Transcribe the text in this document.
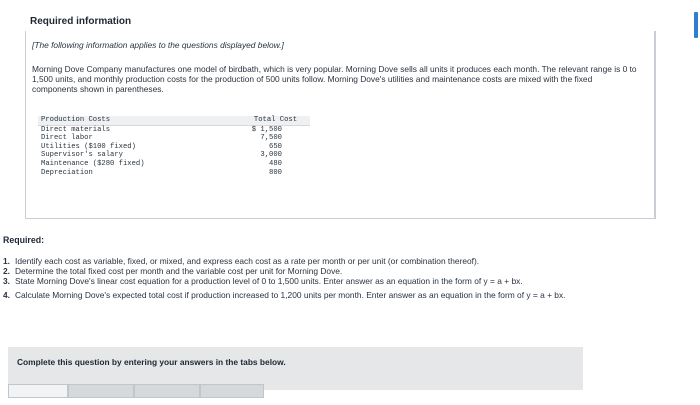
Required information
[The following information applies to the questions displayed below.]
Morning Dove Company manufactures one model of birdbath, which is very popular. Morning Dove sells all units it produces each month. The relevant range is 0 to 1,500 units, and monthly production costs for the production of 500 units follow. Morning Dove's utilities and maintenance costs are mixed with the fixed components shown in parentheses.
Production Costs	Total Cost
Direct materials	$ 1,500
Direct labor	7,500
Utilities ($100 fixed)	650
Supervisor's salary	3,000
Maintenance ($280 fixed)	480
Depreciation	800
Required:
1. Identify each cost as variable, fixed, or mixed, and express each cost as a rate per month or per unit (or combination thereof).
2. Determine the total fixed cost per month and the variable cost per unit for Morning Dove.
3. State Morning Dove's linear cost equation for a production level of 0 to 1,500 units. Enter answer as an equation in the form of y = a + bx.
4. Calculate Morning Dove's expected total cost if production increased to 1,200 units per month. Enter answer as an equation in the form of y = a + bx.
Complete this question by entering your answers in the tabs below.
